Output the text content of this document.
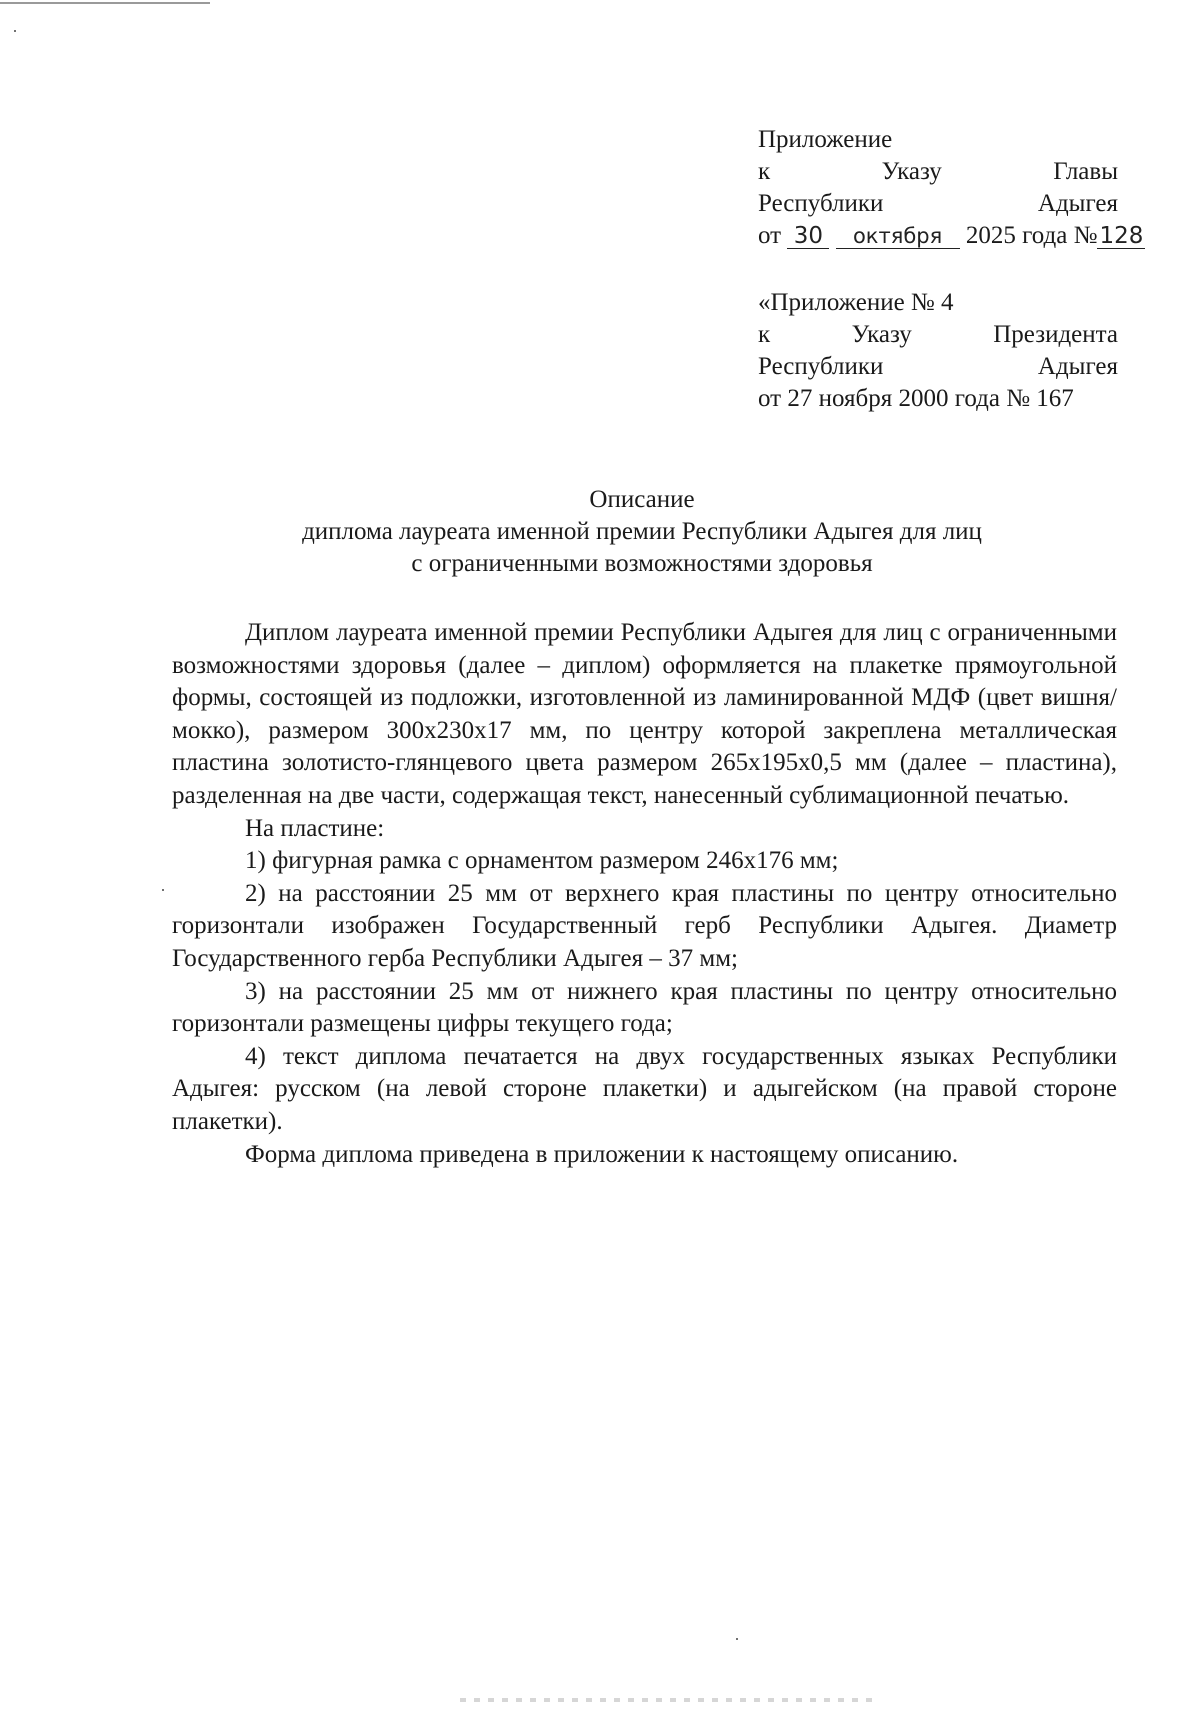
Приложение
к	Указу	Главы
Республики	Адыгея
от 30 октября 2025 года №128
«Приложение № 4
к	Указу	Президента
Республики	Адыгея
от 27 ноября 2000 года № 167
Описание
диплома лауреата именной премии Республики Адыгея для лиц
с ограниченными возможностями здоровья

Диплом лауреата именной премии Республики Адыгея для лиц с ограниченными возможностями здоровья (далее – диплом) оформляется на плакетке прямоугольной формы, состоящей из подложки, изготовленной из ламинированной МДФ (цвет вишня/мокко), размером 300х230х17 мм, по центру которой закреплена металлическая пластина золотисто-глянцевого цвета размером 265х195х0,5 мм (далее – пластина), разделенная на две части, содержащая текст, нанесенный сублимационной печатью.

На пластине:

1) фигурная рамка с орнаментом размером 246х176 мм;

2) на расстоянии 25 мм от верхнего края пластины по центру относительно горизонтали изображен Государственный герб Республики Адыгея. Диаметр Государственного герба Республики Адыгея – 37 мм;

3) на расстоянии 25 мм от нижнего края пластины по центру относительно горизонтали размещены цифры текущего года;

4) текст диплома печатается на двух государственных языках Республики Адыгея: русском (на левой стороне плакетки) и адыгейском (на правой стороне плакетки).

Форма диплома приведена в приложении к настоящему описанию.
